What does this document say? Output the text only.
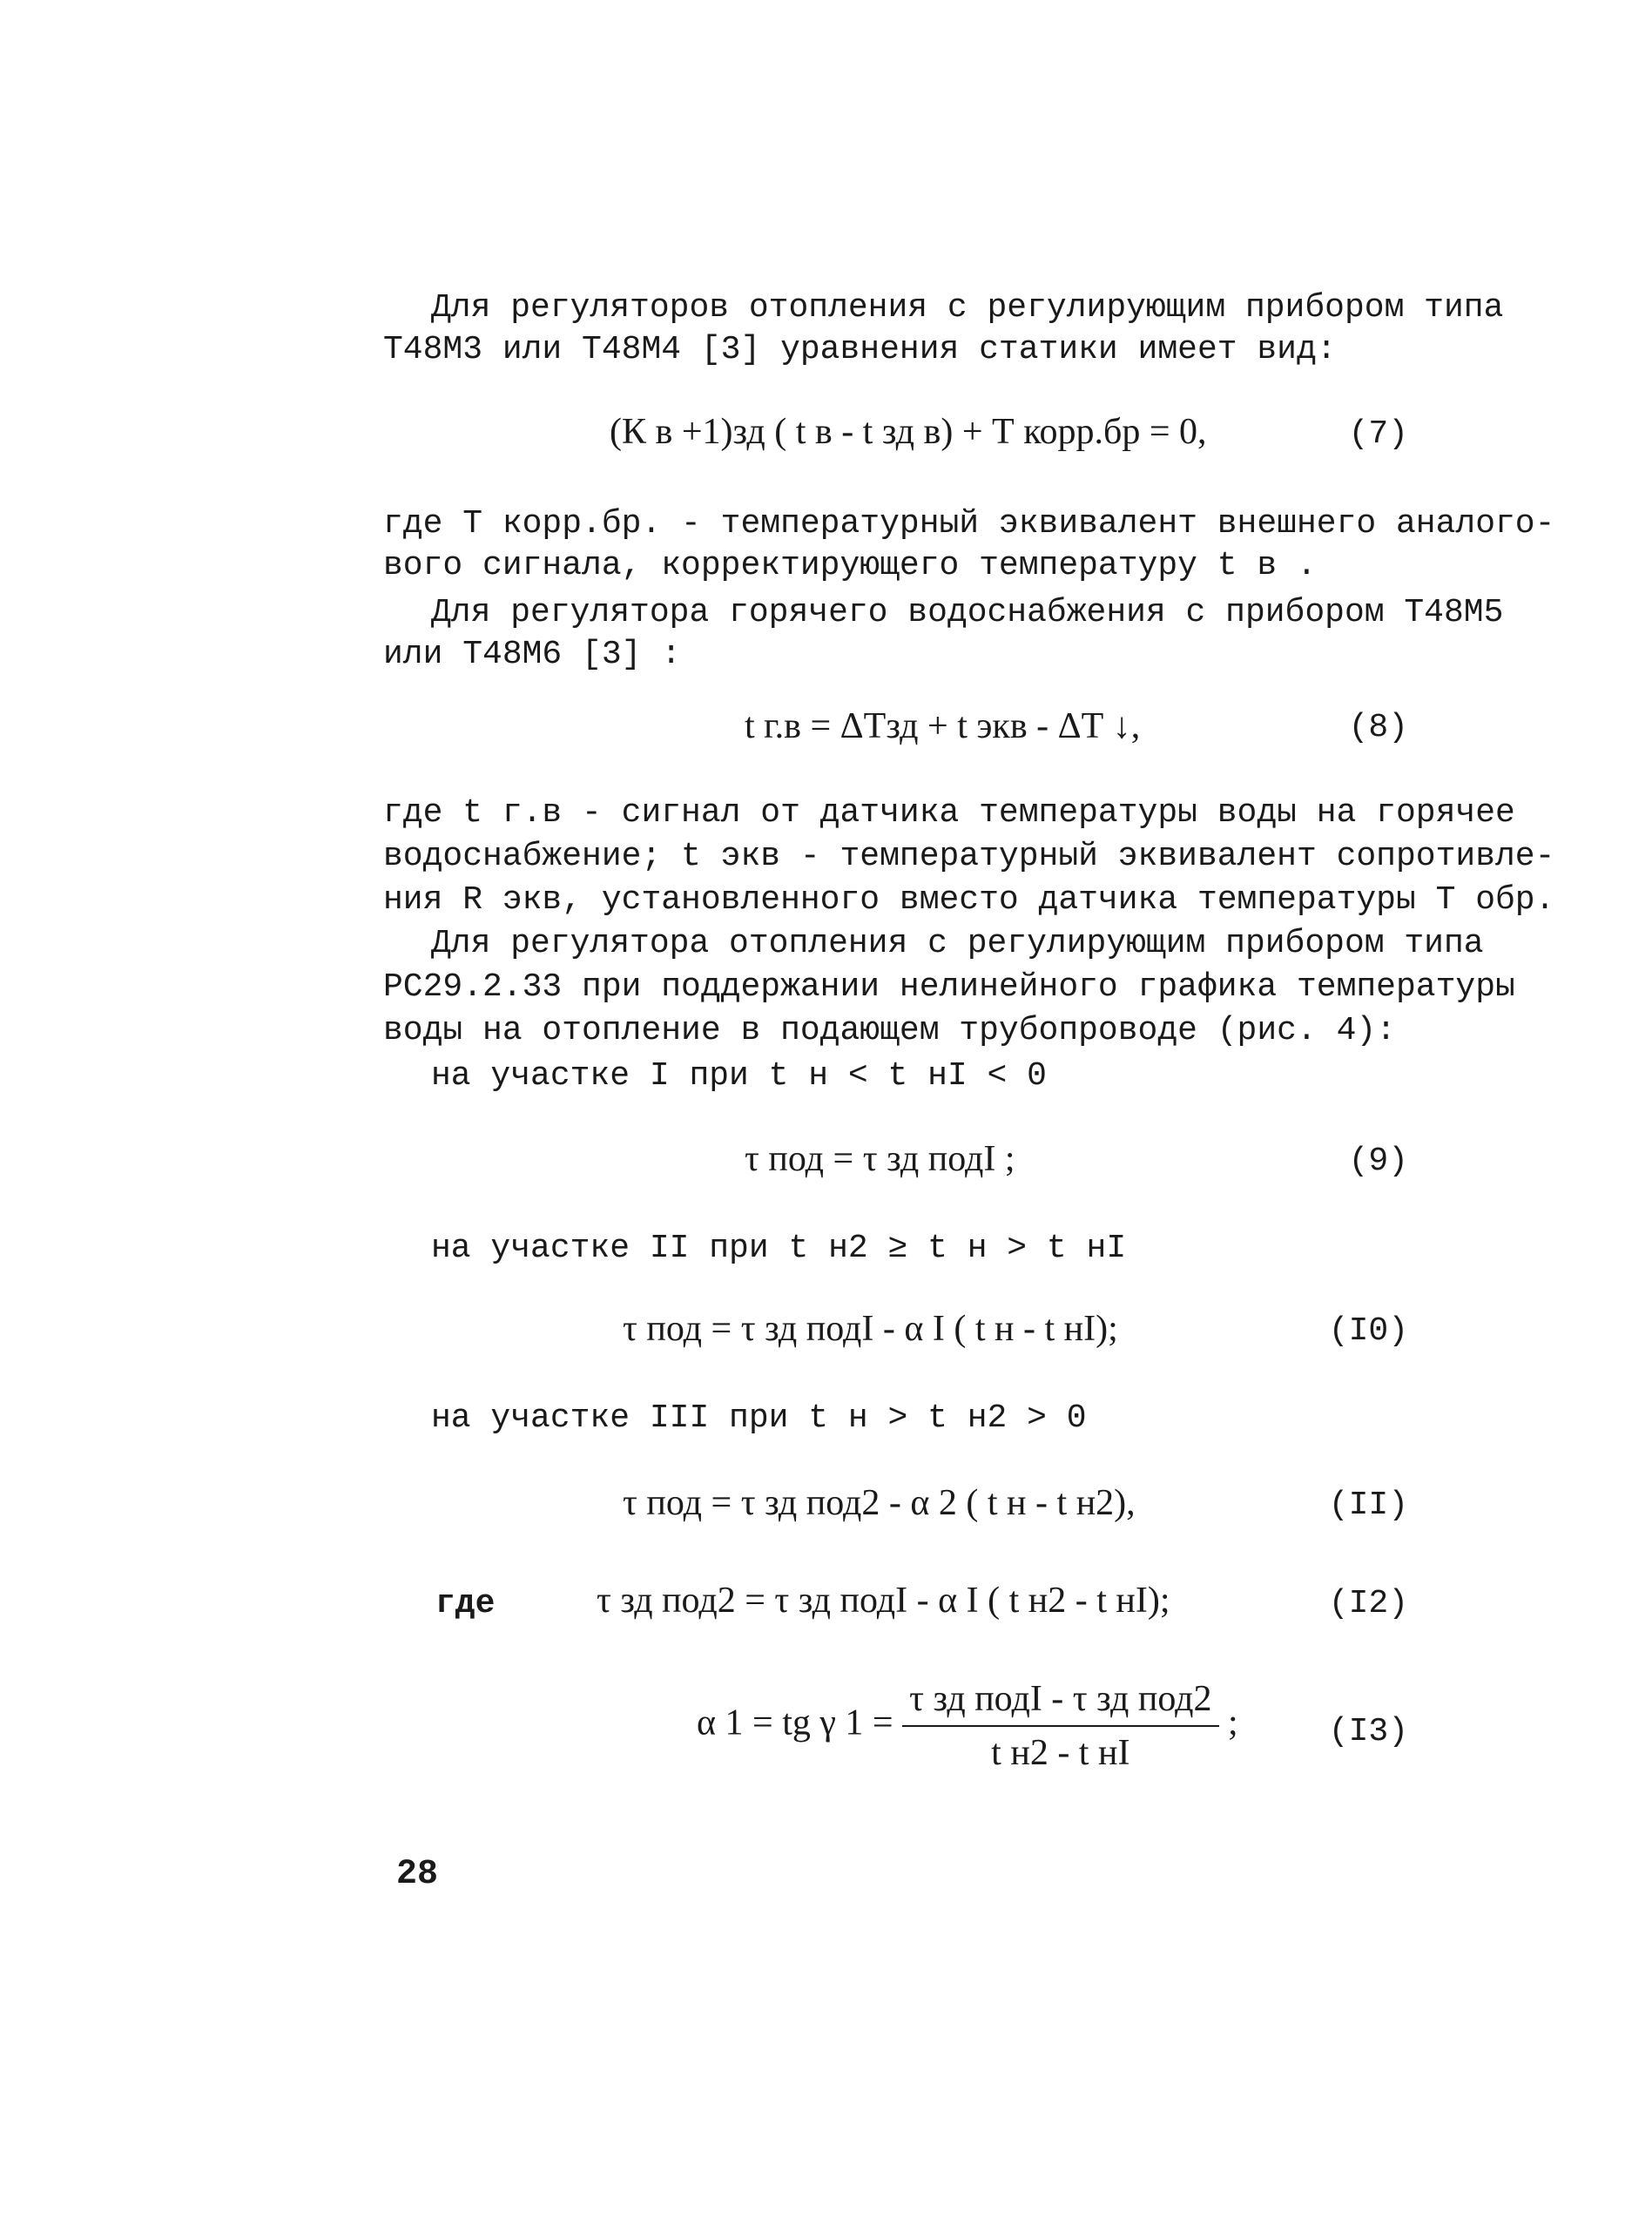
Для регуляторов отопления с регулирующим прибором типа
Т48М3 или Т48М4 [3] уравнения статики имеет вид:
(К в +1)зд ( t в - t зд в) + Т корр.бр = 0,	(7)
где Т корр.бр. - температурный эквивалент внешнего аналого-
вого сигнала, корректирующего температуру t в .
Для регулятора горячего водоснабжения с прибором Т48М5
или Т48М6 [3] :
t г.в = ΔТзд + t экв - ΔТ ↓,	(8)
где t г.в - сигнал от датчика температуры воды на горячее
водоснабжение; t экв - температурный эквивалент сопротивле-
ния R экв, установленного вместо датчика температуры Т обр.
Для регулятора отопления с регулирующим прибором типа
РС29.2.33 при поддержании нелинейного графика температуры
воды на отопление в подающем трубопроводе (рис. 4):
на участке I при t н < t нI < 0
τ под = τ зд подI ;	(9)
на участке II при t н2 ≥ t н > t нI
τ под = τ зд подI - α I ( t н - t нI);	(I0)
на участке III при t н > t н2 > 0
τ под = τ зд под2 - α 2 ( t н - t н2),	(II)
где	τ зд под2 = τ зд подI - α I ( t н2 - t нI);	(I2)
α 1 = tg γ $1 = \frac{\text{τ зд подI - τ зд под2}}{\text{t н2 - t нI}}$ ;	(I3)
28
